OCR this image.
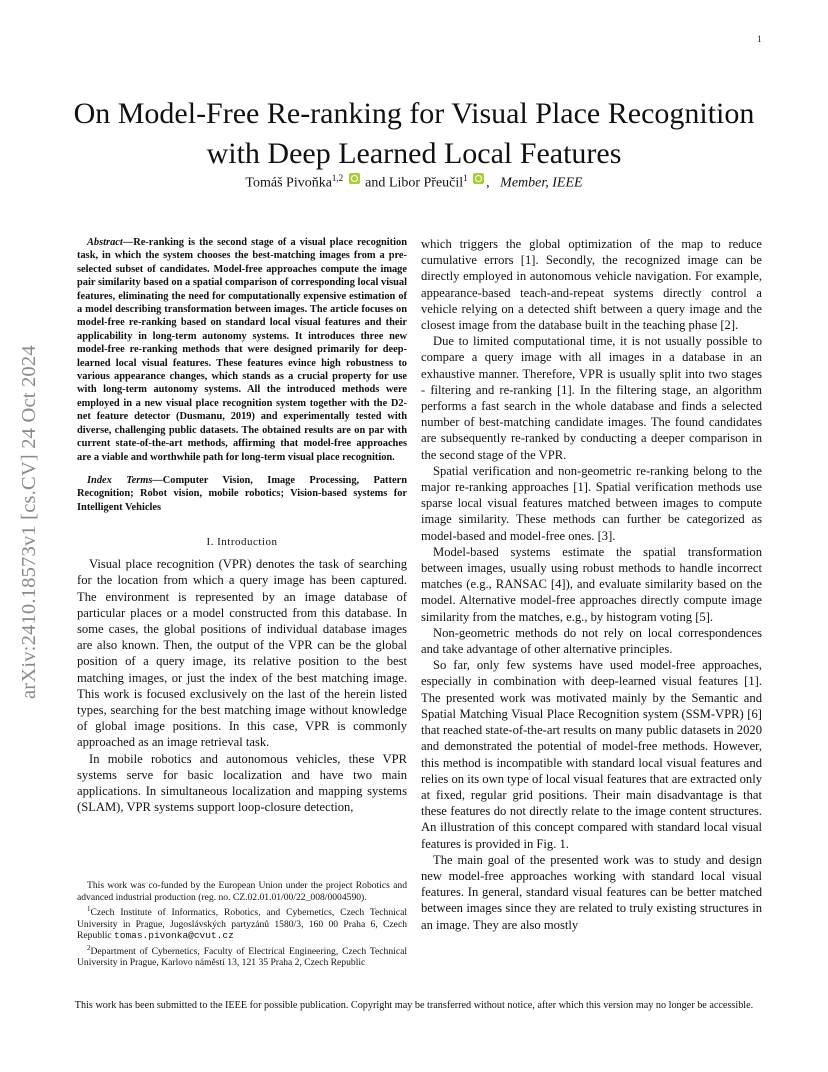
1
arXiv:2410.18573v1 [cs.CV] 24 Oct 2024
On Model-Free Re-ranking for Visual Place Recognition with Deep Learned Local Features
Tomáš Pivoňka$^{1,2}$ and Libor Přeučil$^1$ ,   Member, IEEE

Abstract—Re-ranking is the second stage of a visual place recognition task, in which the system chooses the best-matching images from a pre-selected subset of candidates. Model-free approaches compute the image pair similarity based on a spatial comparison of corresponding local visual features, eliminating the need for computationally expensive estimation of a model describing transformation between images. The article focuses on model-free re-ranking based on standard local visual features and their applicability in long-term autonomy systems. It introduces three new model-free re-ranking methods that were designed primarily for deep-learned local visual features. These features evince high robustness to various appearance changes, which stands as a crucial property for use with long-term autonomy systems. All the introduced methods were employed in a new visual place recognition system together with the D2-net feature detector (Dusmanu, 2019) and experimentally tested with diverse, challenging public datasets. The obtained results are on par with current state-of-the-art methods, affirming that model-free approaches are a viable and worthwhile path for long-term visual place recognition.

Index Terms—Computer Vision, Image Processing, Pattern Recognition; Robot vision, mobile robotics; Vision-based systems for Intelligent Vehicles

I. Introduction

Visual place recognition (VPR) denotes the task of searching for the location from which a query image has been captured. The environment is represented by an image database of particular places or a model constructed from this database. In some cases, the global positions of individual database images are also known. Then, the output of the VPR can be the global position of a query image, its relative position to the best matching images, or just the index of the best matching image. This work is focused exclusively on the last of the herein listed types, searching for the best matching image without knowledge of global image positions. In this case, VPR is commonly approached as an image retrieval task.

In mobile robotics and autonomous vehicles, these VPR systems serve for basic localization and have two main applications. In simultaneous localization and mapping systems (SLAM), VPR systems support loop-closure detection,

This work was co-funded by the European Union under the project Robotics and advanced industrial production (reg. no. CZ.02.01.01/00/22_008/0004590).

$^1$Czech Institute of Informatics, Robotics, and Cybernetics, Czech Technical University in Prague, Jugoslávských partyzánů 1580/3, 160 00 Praha 6, Czech Republic tomas.pivonka@cvut.cz

$^2$Department of Cybernetics, Faculty of Electrical Engineering, Czech Technical University in Prague, Karlovo náměstí 13, 121 35 Praha 2, Czech Republic

which triggers the global optimization of the map to reduce cumulative errors [1]. Secondly, the recognized image can be directly employed in autonomous vehicle navigation. For example, appearance-based teach-and-repeat systems directly control a vehicle relying on a detected shift between a query image and the closest image from the database built in the teaching phase [2].

Due to limited computational time, it is not usually possible to compare a query image with all images in a database in an exhaustive manner. Therefore, VPR is usually split into two stages - filtering and re-ranking [1]. In the filtering stage, an algorithm performs a fast search in the whole database and finds a selected number of best-matching candidate images. The found candidates are subsequently re-ranked by conducting a deeper comparison in the second stage of the VPR.

Spatial verification and non-geometric re-ranking belong to the major re-ranking approaches [1]. Spatial verification methods use sparse local visual features matched between images to compute image similarity. These methods can further be categorized as model-based and model-free ones. [3].

Model-based systems estimate the spatial transformation between images, usually using robust methods to handle incorrect matches (e.g., RANSAC [4]), and evaluate similarity based on the model. Alternative model-free approaches directly compute image similarity from the matches, e.g., by histogram voting [5].

Non-geometric methods do not rely on local correspondences and take advantage of other alternative principles.

So far, only few systems have used model-free approaches, especially in combination with deep-learned visual features [1]. The presented work was motivated mainly by the Semantic and Spatial Matching Visual Place Recognition system (SSM-VPR) [6] that reached state-of-the-art results on many public datasets in 2020 and demonstrated the potential of model-free methods. However, this method is incompatible with standard local visual features and relies on its own type of local visual features that are extracted only at fixed, regular grid positions. Their main disadvantage is that these features do not directly relate to the image content structures. An illustration of this concept compared with standard local visual features is provided in Fig. 1.

The main goal of the presented work was to study and design new model-free approaches working with standard local visual features. In general, standard visual features can be better matched between images since they are related to truly existing structures in an image. They are also mostly

This work has been submitted to the IEEE for possible publication. Copyright may be transferred without notice, after which this version may no longer be accessible.
